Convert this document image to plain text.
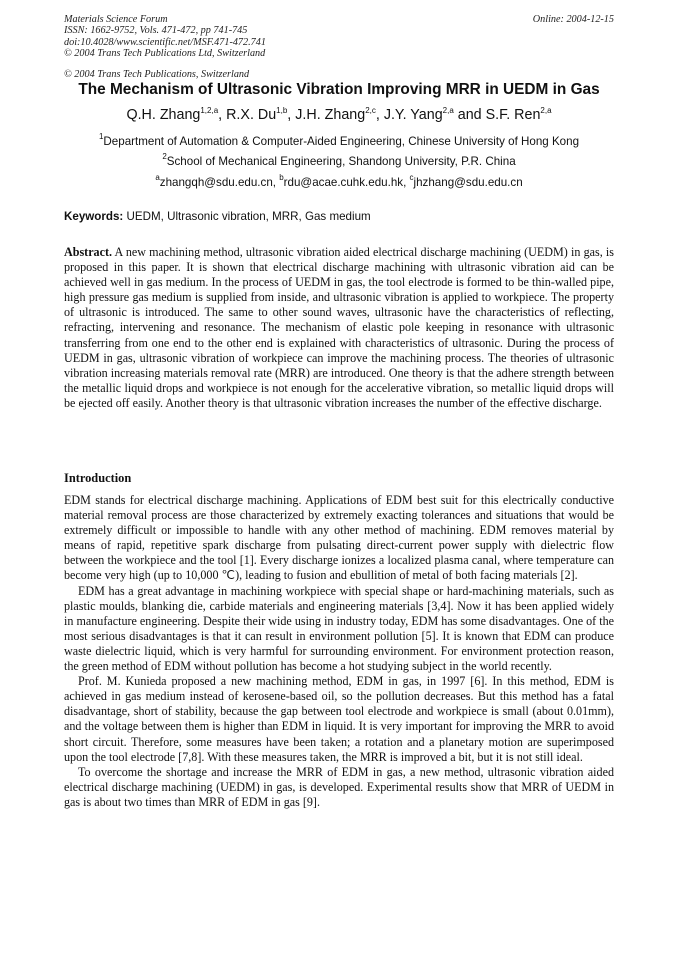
Materials Science Forum
ISSN: 1662-9752, Vols. 471-472, pp 741-745
doi:10.4028/www.scientific.net/MSF.471-472.741
© 2004 Trans Tech Publications Ltd, Switzerland
Online: 2004-12-15
© 2004 Trans Tech Publications, Switzerland
The Mechanism of Ultrasonic Vibration Improving MRR in UEDM in Gas
Q.H. Zhang$^{1,2,a}$, R.X. Du$^{1,b}$, J.H. Zhang$^{2,c}$, J.Y. Yang$^{2,a}$ and S.F. Ren$^{2,a}$
$^1$Department of Automation & Computer-Aided Engineering, Chinese University of Hong Kong
$^2$School of Mechanical Engineering, Shandong University, P.R. China
$^a$zhangqh@sdu.edu.cn, $^b$rdu@acae.cuhk.edu.hk, $^c$jhzhang@sdu.edu.cn
Keywords: UEDM, Ultrasonic vibration, MRR, Gas medium
Abstract. A new machining method, ultrasonic vibration aided electrical discharge machining (UEDM) in gas, is proposed in this paper. It is shown that electrical discharge machining with ultrasonic vibration aid can be achieved well in gas medium. In the process of UEDM in gas, the tool electrode is formed to be thin-walled pipe, high pressure gas medium is supplied from inside, and ultrasonic vibration is applied to workpiece. The property of ultrasonic is introduced. The same to other sound waves, ultrasonic have the characteristics of reflecting, refracting, intervening and resonance. The mechanism of elastic pole keeping in resonance with ultrasonic transferring from one end to the other end is explained with characteristics of ultrasonic. During the process of UEDM in gas, ultrasonic vibration of workpiece can improve the machining process. The theories of ultrasonic vibration increasing materials removal rate (MRR) are introduced. One theory is that the adhere strength between the metallic liquid drops and workpiece is not enough for the accelerative vibration, so metallic liquid drops will be ejected off easily. Another theory is that ultrasonic vibration increases the number of the effective discharge.
Introduction

EDM stands for electrical discharge machining. Applications of EDM best suit for this electrically conductive material removal process are those characterized by extremely exacting tolerances and situations that would be extremely difficult or impossible to handle with any other method of machining. EDM removes material by means of rapid, repetitive spark discharge from pulsating direct-current power supply with dielectric flow between the workpiece and the tool [1]. Every discharge ionizes a localized plasma canal, where temperature can become very high (up to 10,000 ℃), leading to fusion and ebullition of metal of both facing materials [2].

EDM has a great advantage in machining workpiece with special shape or hard-machining materials, such as plastic moulds, blanking die, carbide materials and engineering materials [3,4]. Now it has been applied widely in manufacture engineering. Despite their wide using in industry today, EDM has some disadvantages. One of the most serious disadvantages is that it can result in environment pollution [5]. It is known that EDM can produce waste dielectric liquid, which is very harmful for surrounding environment. For environment protection reason, the green method of EDM without pollution has become a hot studying subject in the world recently.

Prof. M. Kunieda proposed a new machining method, EDM in gas, in 1997 [6]. In this method, EDM is achieved in gas medium instead of kerosene-based oil, so the pollution decreases. But this method has a fatal disadvantage, short of stability, because the gap between tool electrode and workpiece is small (about 0.01mm), and the voltage between them is higher than EDM in liquid. It is very important for improving the MRR to avoid short circuit. Therefore, some measures have been taken; a rotation and a planetary motion are superimposed upon the tool electrode [7,8]. With these measures taken, the MRR is improved a bit, but it is not still ideal.

To overcome the shortage and increase the MRR of EDM in gas, a new method, ultrasonic vibration aided electrical discharge machining (UEDM) in gas, is developed. Experimental results show that MRR of UEDM in gas is about two times than MRR of EDM in gas [9].
